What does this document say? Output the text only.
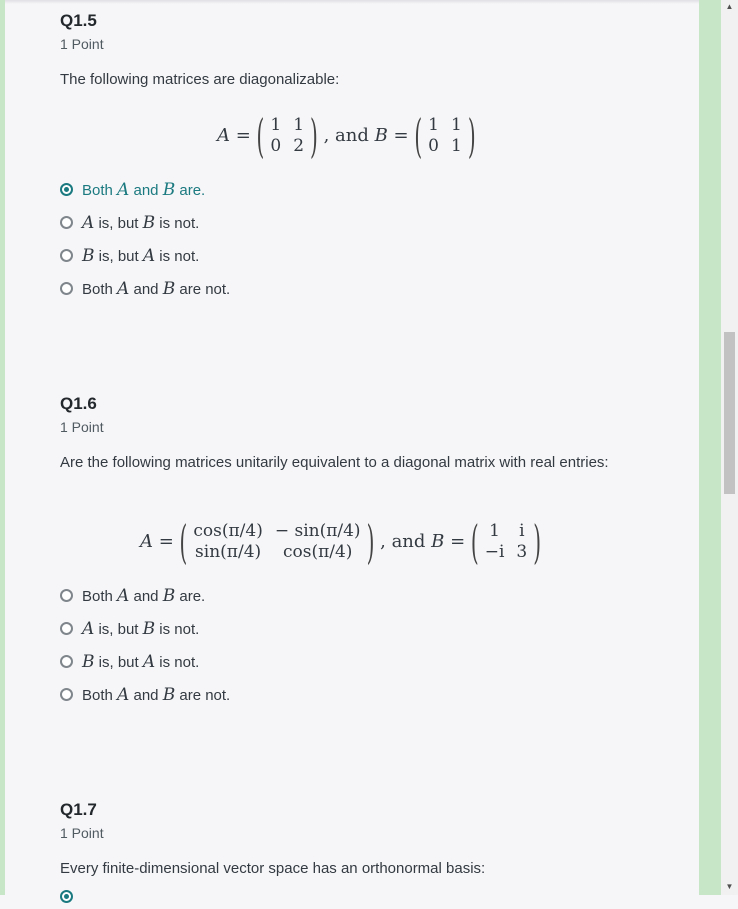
▲
▼
Q1.5
1 Point
The following matrices are diagonalizable:
A = ( 1	1
0	2 ) , and B = ( 1	1
0	1 )
Both A and B are.
A is, but B is not.
B is, but A is not.
Both A and B are not.
Q1.6
1 Point
Are the following matrices unitarily equivalent to a diagonal matrix with real entries:
A = ( cos(π/4)	− sin(π/4)
sin(π/4)	cos(π/4) ) , and B = ( 1	i
−i	3 )
Both A and B are.
A is, but B is not.
B is, but A is not.
Both A and B are not.
Q1.7
1 Point
Every finite-dimensional vector space has an orthonormal basis:
